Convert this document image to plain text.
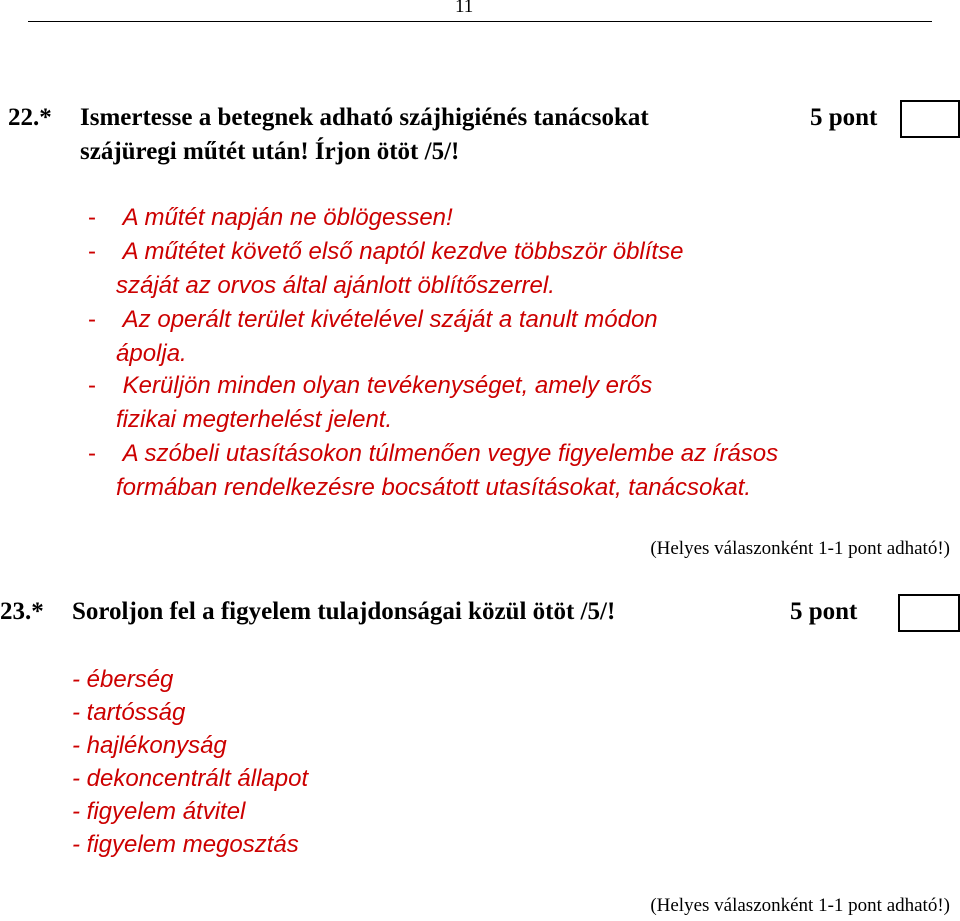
11
22.* Ismertesse a betegnek adható szájhigiénés tanácsokat
szájüregi műtét után! Írjon ötöt /5/!
5 pont
- A műtét napján ne öblögessen!
- A műtétet követő első naptól kezdve többször öblítse
száját az orvos által ajánlott öblítőszerrel.
- Az operált terület kivételével száját a tanult módon
ápolja.
- Kerüljön minden olyan tevékenységet, amely erős
fizikai megterhelést jelent.
- A szóbeli utasításokon túlmenően vegye figyelembe az írásos
formában rendelkezésre bocsátott utasításokat, tanácsokat.
(Helyes válaszonként 1-1 pont adható!)
23.* Soroljon fel a figyelem tulajdonságai közül ötöt /5/!	5 pont
- éberség
- tartósság
- hajlékonyság
- dekoncentrált állapot
- figyelem átvitel
- figyelem megosztás
(Helyes válaszonként 1-1 pont adható!)
